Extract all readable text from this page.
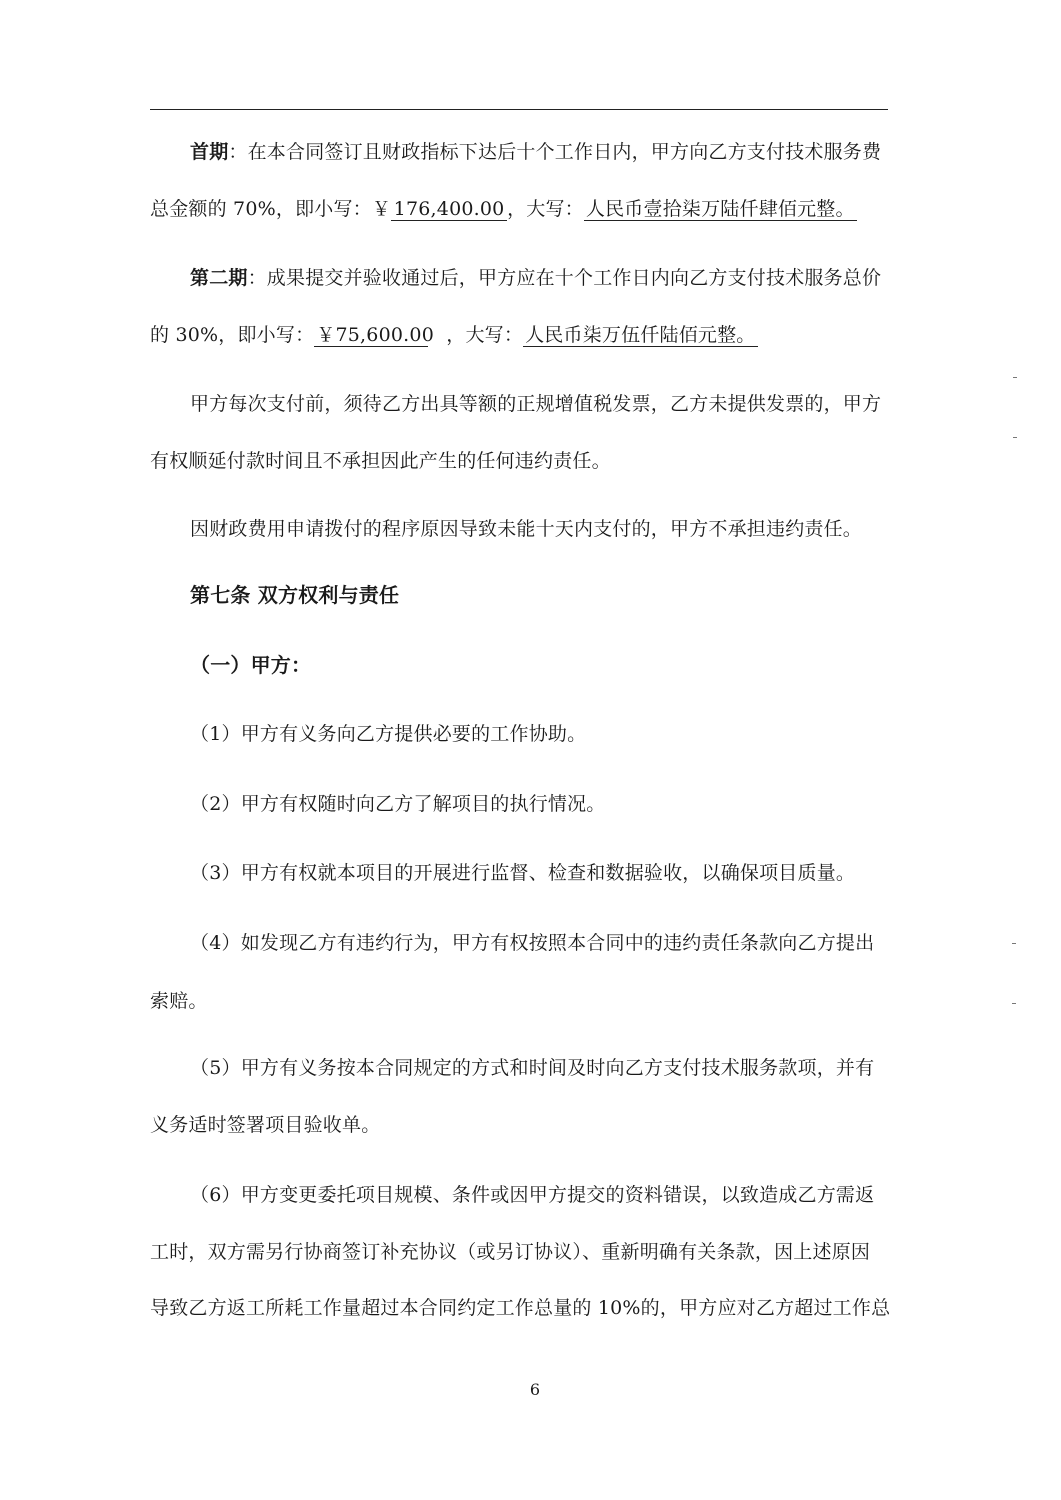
首期：在本合同签订且财政指标下达后十个工作日内，甲方向乙方支付技术服务费
总金额的 70%，即小写：￥ 176,400.00 ，大写： 人民币壹拾柒万陆仟肆佰元整。
第二期：成果提交并验收通过后，甲方应在十个工作日内向乙方支付技术服务总价
的 30%，即小写： ￥75,600.00 ，大写： 人民币柒万伍仟陆佰元整。
甲方每次支付前，须待乙方出具等额的正规增值税发票，乙方未提供发票的，甲方
有权顺延付款时间且不承担因此产生的任何违约责任。
因财政费用申请拨付的程序原因导致未能十天内支付的，甲方不承担违约责任。
第七条 双方权利与责任
（一）甲方：
（1）甲方有义务向乙方提供必要的工作协助。
（2）甲方有权随时向乙方了解项目的执行情况。
（3）甲方有权就本项目的开展进行监督、检查和数据验收，以确保项目质量。
（4）如发现乙方有违约行为，甲方有权按照本合同中的违约责任条款向乙方提出
索赔。
（5）甲方有义务按本合同规定的方式和时间及时向乙方支付技术服务款项，并有
义务适时签署项目验收单。
（6）甲方变更委托项目规模、条件或因甲方提交的资料错误，以致造成乙方需返
工时，双方需另行协商签订补充协议（或另订协议）、重新明确有关条款，因上述原因
导致乙方返工所耗工作量超过本合同约定工作总量的 10%的，甲方应对乙方超过工作总
6
